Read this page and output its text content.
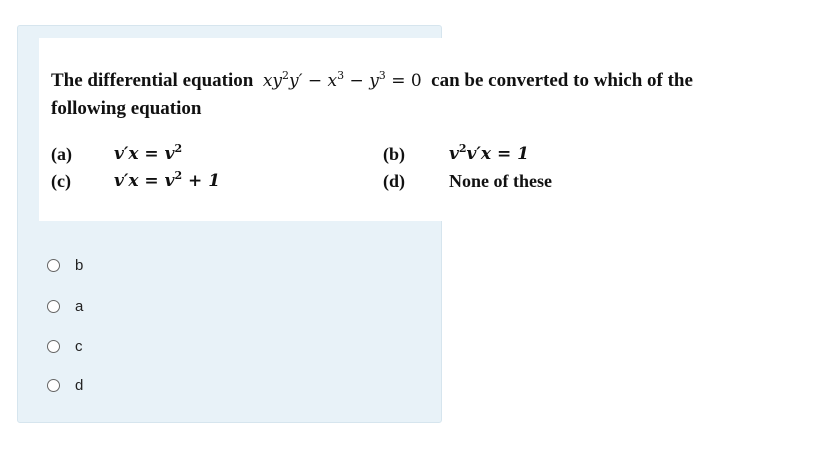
The differential equation $xy^2y' - x^3 - y^3 = 0$ can be converted to which of the
following equation
(a) $v'x = v^2$	(b)	$v^2v'x = 1$
(c)	$v'x = v^2 + 1$	(d) None of these
b
a
c
d
